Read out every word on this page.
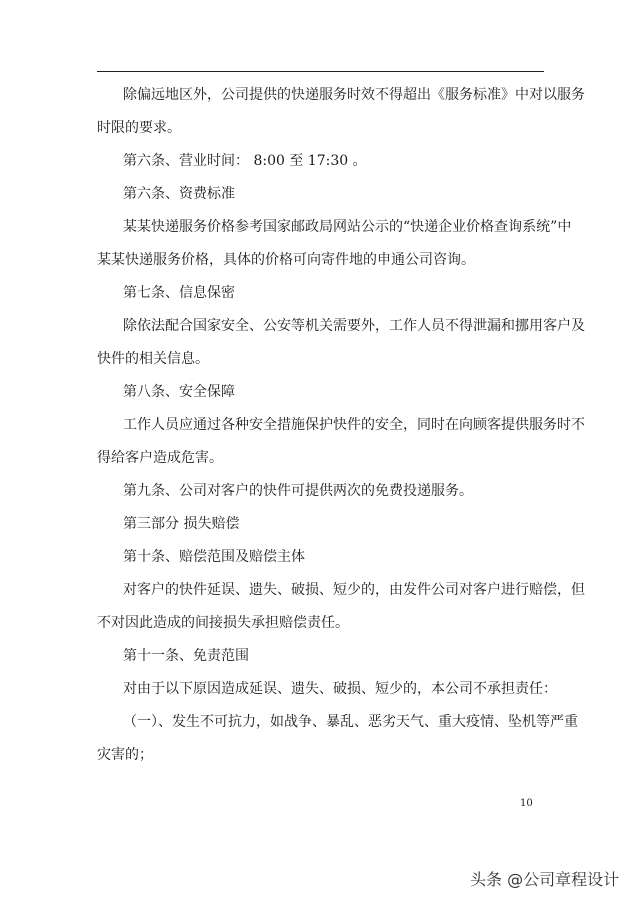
除偏远地区外，公司提供的快递服务时效不得超出《服务标准》中对以服务
时限的要求。

第六条、营业时间： 8:00 至 17:30 。

第六条、资费标准

某某快递服务价格参考国家邮政局网站公示的“快递企业价格查询系统”中
某某快递服务价格，具体的价格可向寄件地的申通公司咨询。

第七条、信息保密

除依法配合国家安全、公安等机关需要外，工作人员不得泄漏和挪用客户及
快件的相关信息。

第八条、安全保障

工作人员应通过各种安全措施保护快件的安全，同时在向顾客提供服务时不
得给客户造成危害。

第九条、公司对客户的快件可提供两次的免费投递服务。

第三部分 损失赔偿

第十条、赔偿范围及赔偿主体

对客户的快件延误、遗失、破损、短少的，由发件公司对客户进行赔偿，但
不对因此造成的间接损失承担赔偿责任。

第十一条、免责范围

对由于以下原因造成延误、遗失、破损、短少的，本公司不承担责任：

（一）、发生不可抗力，如战争、暴乱、恶劣天气、重大疫情、坠机等严重
灾害的；

10
头条 @公司章程设计
